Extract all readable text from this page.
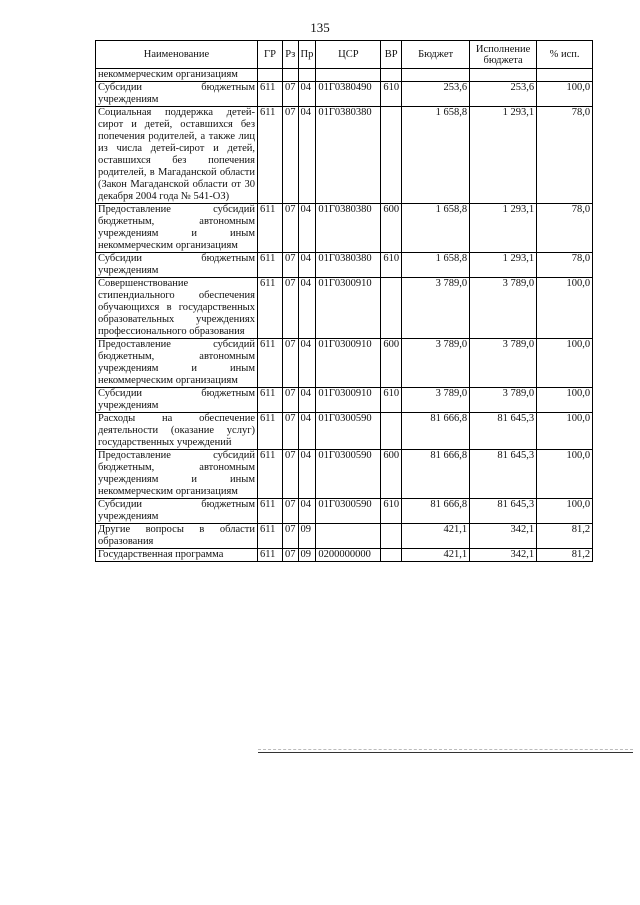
135
Наименование	ГР	Рз	Пр	ЦСР	ВР	Бюджет	Исполнение бюджета	% исп.
некоммерческим организациям								
Субсидии бюджетным учреждениям	611	07	04	01Г0380490	610	253,6	253,6	100,0
Социальная поддержка детей-сирот и детей, оставшихся без попечения родителей, а также лиц из числа детей-сирот и детей, оставшихся без попечения родителей, в Магаданской области (Закон Магаданской области от 30 декабря 2004 года № 541-ОЗ)	611	07	04	01Г0380380		1 658,8	1 293,1	78,0
Предоставление субсидий бюджетным, автономным учреждениям и иным некоммерческим организациям	611	07	04	01Г0380380	600	1 658,8	1 293,1	78,0
Субсидии бюджетным учреждениям	611	07	04	01Г0380380	610	1 658,8	1 293,1	78,0
Совершенствование стипендиального обеспечения обучающихся в государственных образовательных учреждениях профессионального образования	611	07	04	01Г0300910		3 789,0	3 789,0	100,0
Предоставление субсидий бюджетным, автономным учреждениям и иным некоммерческим организациям	611	07	04	01Г0300910	600	3 789,0	3 789,0	100,0
Субсидии бюджетным учреждениям	611	07	04	01Г0300910	610	3 789,0	3 789,0	100,0
Расходы на обеспечение деятельности (оказание услуг) государственных учреждений	611	07	04	01Г0300590		81 666,8	81 645,3	100,0
Предоставление субсидий бюджетным, автономным учреждениям и иным некоммерческим организациям	611	07	04	01Г0300590	600	81 666,8	81 645,3	100,0
Субсидии бюджетным учреждениям	611	07	04	01Г0300590	610	81 666,8	81 645,3	100,0
Другие вопросы в области образования	611	07	09			421,1	342,1	81,2
Государственная программа	611	07	09	0200000000		421,1	342,1	81,2
